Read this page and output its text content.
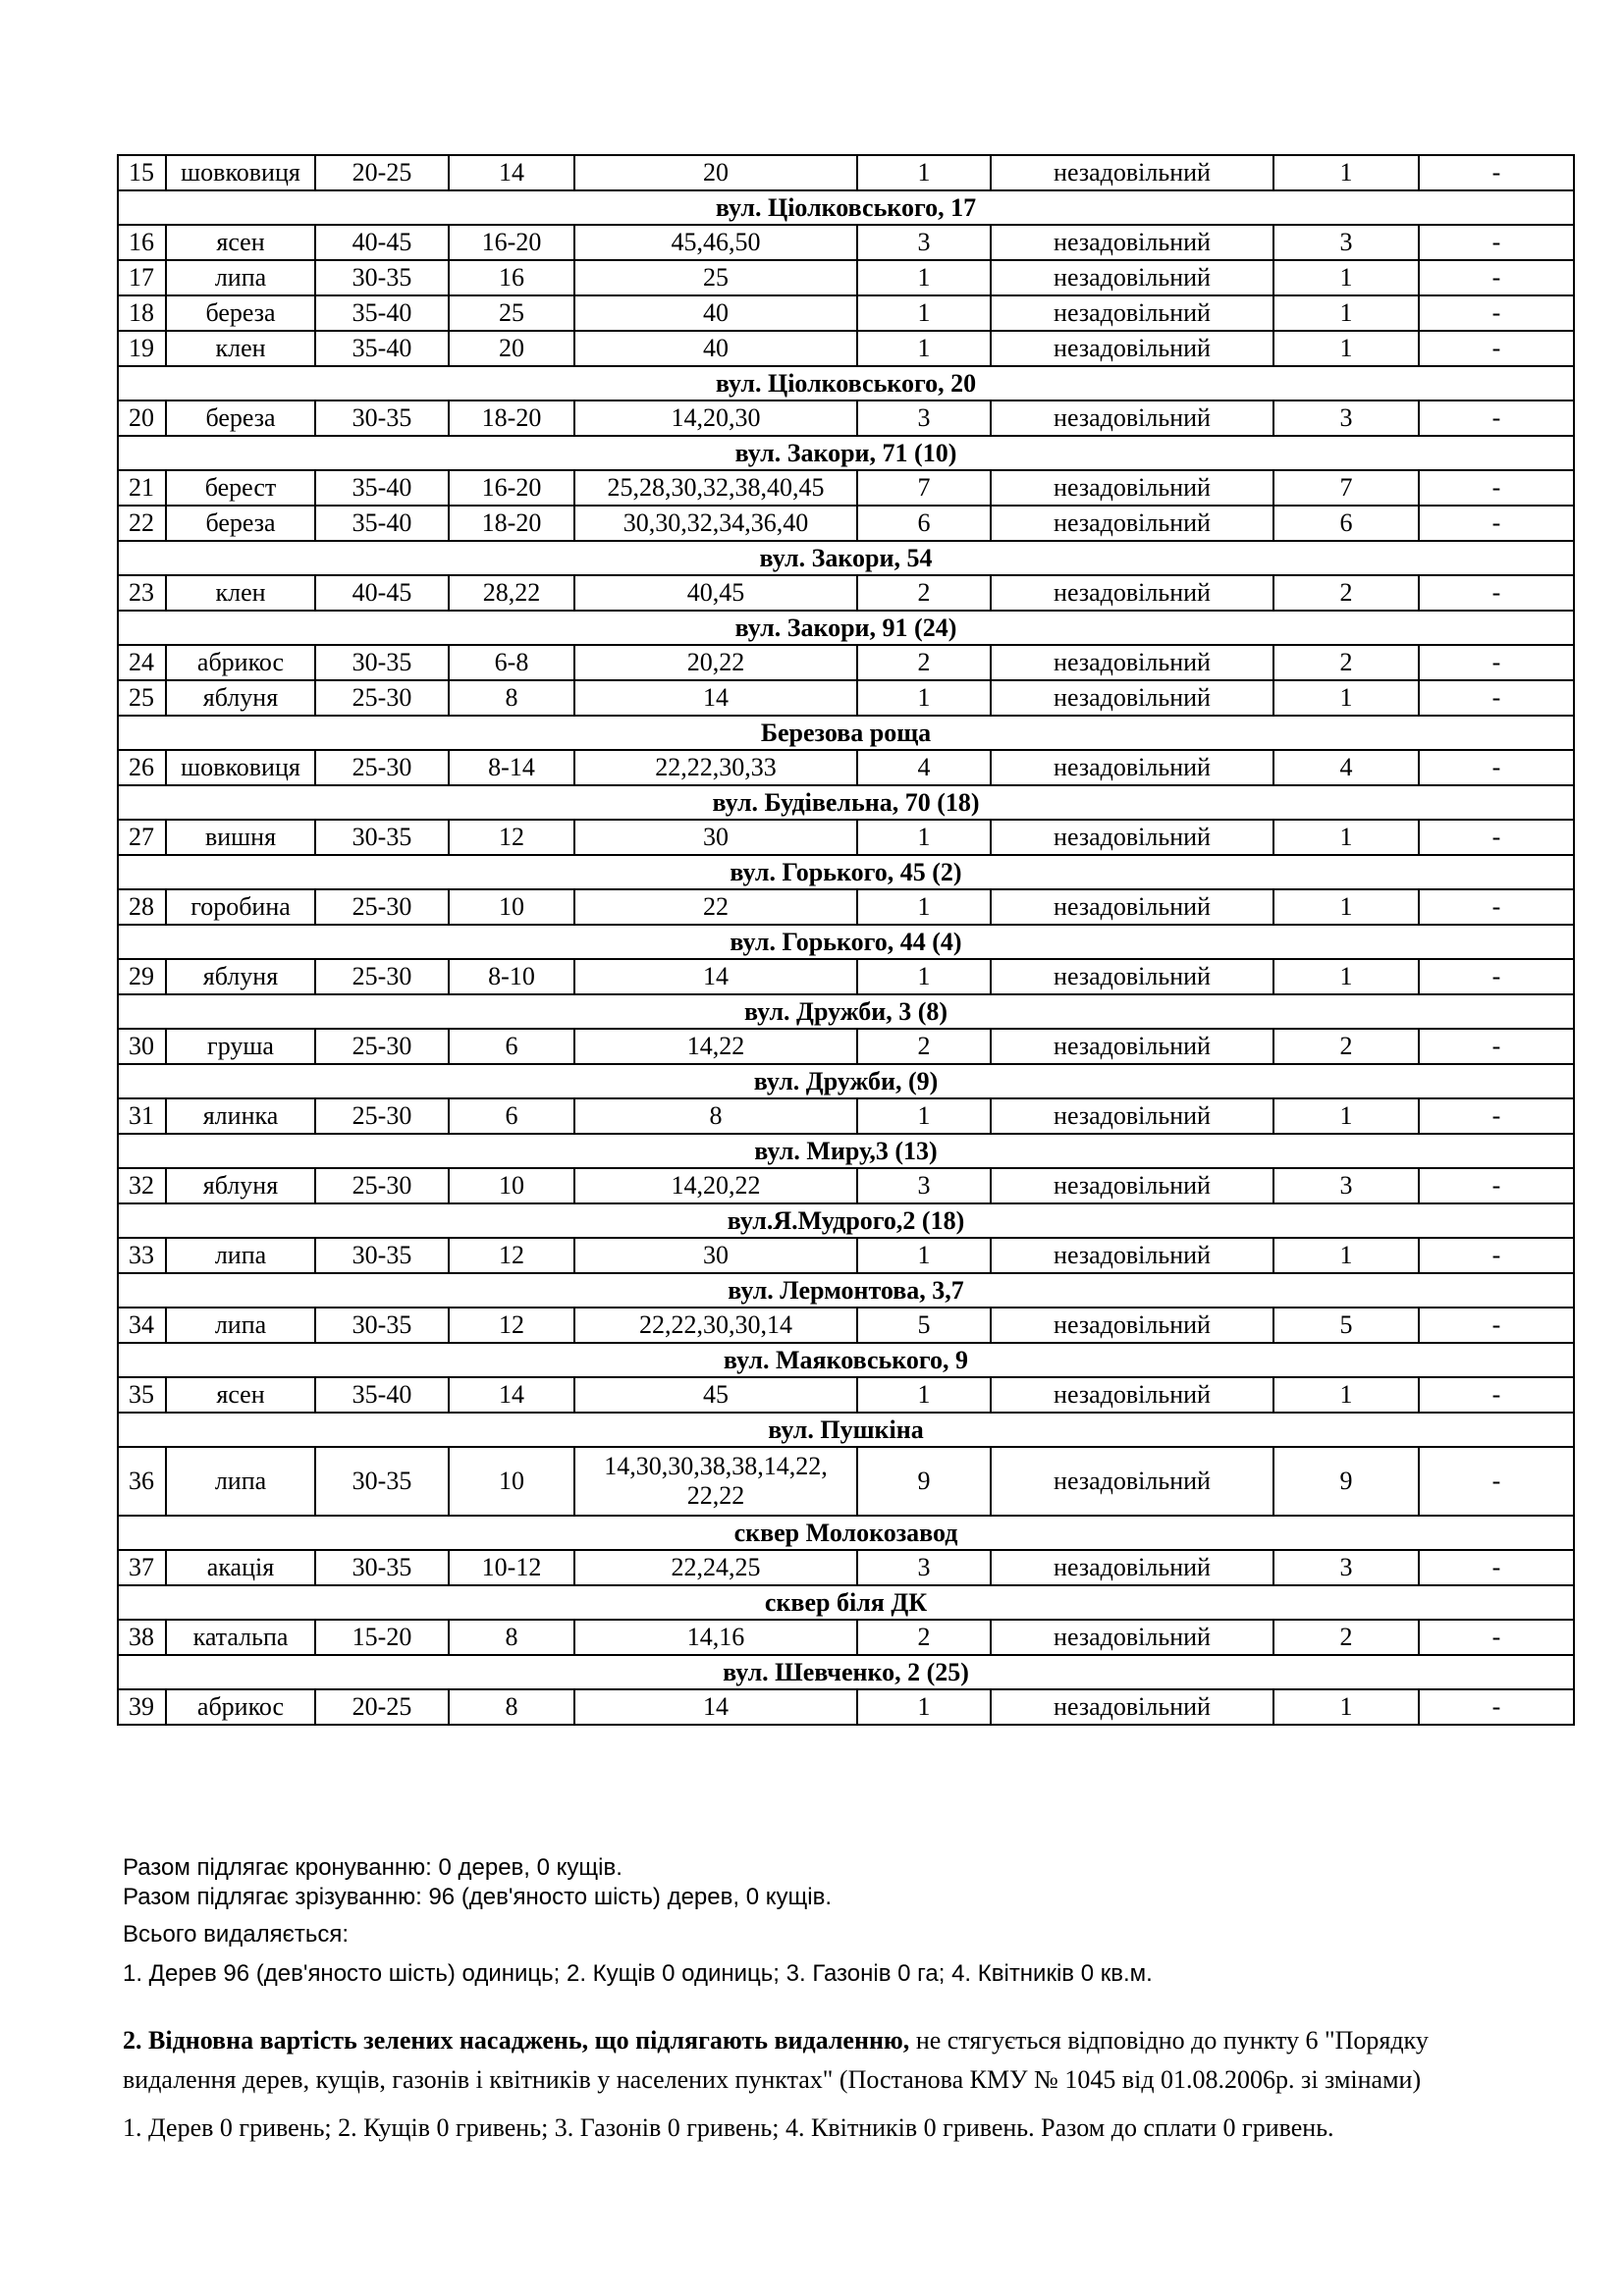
15	шовковиця	20-25	14	20	1	незадовільний	1	-
вул. Ціолковського, 17								
16	ясен	40-45	16-20	45,46,50	3	незадовільний	3	-
17	липа	30-35	16	25	1	незадовільний	1	-
18	береза	35-40	25	40	1	незадовільний	1	-
19	клен	35-40	20	40	1	незадовільний	1	-
вул. Ціолковського, 20								
20	береза	30-35	18-20	14,20,30	3	незадовільний	3	-
вул. Закори, 71 (10)								
21	берест	35-40	16-20	25,28,30,32,38,40,45	7	незадовільний	7	-
22	береза	35-40	18-20	30,30,32,34,36,40	6	незадовільний	6	-
вул. Закори, 54								
23	клен	40-45	28,22	40,45	2	незадовільний	2	-
вул. Закори, 91 (24)								
24	абрикос	30-35	6-8	20,22	2	незадовільний	2	-
25	яблуня	25-30	8	14	1	незадовільний	1	-
Березова роща								
26	шовковиця	25-30	8-14	22,22,30,33	4	незадовільний	4	-
вул. Будівельна, 70 (18)								
27	вишня	30-35	12	30	1	незадовільний	1	-
вул. Горького, 45 (2)								
28	горобина	25-30	10	22	1	незадовільний	1	-
вул. Горького, 44 (4)								
29	яблуня	25-30	8-10	14	1	незадовільний	1	-
вул. Дружби, 3 (8)								
30	груша	25-30	6	14,22	2	незадовільний	2	-
вул. Дружби, (9)								
31	ялинка	25-30	6	8	1	незадовільний	1	-
вул. Миру,3 (13)								
32	яблуня	25-30	10	14,20,22	3	незадовільний	3	-
вул.Я.Мудрого,2 (18)								
33	липа	30-35	12	30	1	незадовільний	1	-
вул. Лермонтова, 3,7								
34	липа	30-35	12	22,22,30,30,14	5	незадовільний	5	-
вул. Маяковського, 9								
35	ясен	35-40	14	45	1	незадовільний	1	-
вул. Пушкіна								
36	липа	30-35	10	14,30,30,38,38,14,22, 22,22	9	незадовільний	9	-
сквер Молокозавод								
37	акація	30-35	10-12	22,24,25	3	незадовільний	3	-
сквер біля ДК								
38	катальпа	15-20	8	14,16	2	незадовільний	2	-
вул. Шевченко, 2 (25)								
39	абрикос	20-25	8	14	1	незадовільний	1	-

Разом підлягає кронуванню: 0 дерев, 0 кущів.

Разом підлягає зрізуванню: 96 (дев'яносто шість) дерев, 0 кущів.

Всього видаляється:

1. Дерев 96 (дев'яносто шість) одиниць; 2. Кущів 0 одиниць; 3. Газонів 0 га; 4. Квітників 0 кв.м.

2. Відновна вартість зелених насаджень, що підлягають видаленню, не стягується відповідно до пункту 6 "Порядку видалення дерев, кущів, газонів і квітників у населених пунктах" (Постанова КМУ № 1045 від 01.08.2006р. зі змінами)

1. Дерев 0 гривень; 2. Кущів 0 гривень; 3. Газонів 0 гривень; 4. Квітників 0 гривень. Разом до сплати 0 гривень.
